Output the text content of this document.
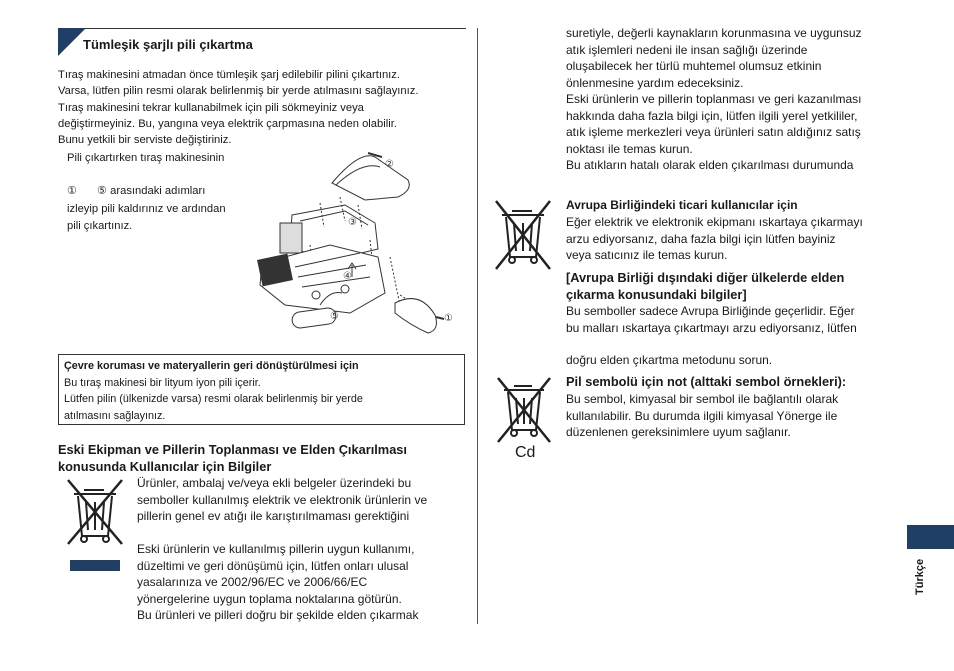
Tümleşik şarjlı pili çıkartma
Tıraş makinesini atmadan önce tümleşik şarj edilebilir pilini çıkartınız.
Varsa, lütfen pilin resmi olarak belirlenmiş bir yerde atılmasını sağlayınız.
Tıraş makinesini tekrar kullanabilmek için pili sökmeyiniz veya
değiştirmeyiniz. Bu, yangına veya elektrik çarpmasına neden olabilir.
Bunu yetkili bir serviste değiştiriniz.
Pili çıkartırken tıraş makinesinin
① ⑤ arasındaki adımları
izleyip pili kaldırınız ve ardından
pili çıkartınız.
②
③
④
⑤	①
Çevre koruması ve materyallerin geri dönüştürülmesi için
Bu tıraş makinesi bir lityum iyon pili içerir.
Lütfen pilin (ülkenizde varsa) resmi olarak belirlenmiş bir yerde
atılmasını sağlayınız.
Eski Ekipman ve Pillerin Toplanması ve Elden Çıkarılması
konusunda Kullanıcılar için Bilgiler
Ürünler, ambalaj ve/veya ekli belgeler üzerindeki bu
semboller kullanılmış elektrik ve elektronik ürünlerin ve
pillerin genel ev atığı ile karıştırılmaması gerektiğini
Eski ürünlerin ve kullanılmış pillerin uygun kullanımı,
düzeltimi ve geri dönüşümü için, lütfen onları ulusal
yasalarınıza ve 2002/96/EC ve 2006/66/EC
yönergelerine uygun toplama noktalarına götürün.
Bu ürünleri ve pilleri doğru bir şekilde elden çıkarmak
suretiyle, değerli kaynakların korunmasına ve uygunsuz
atık işlemleri nedeni ile insan sağlığı üzerinde
oluşabilecek her türlü muhtemel olumsuz etkinin
önlenmesine yardım edeceksiniz.
Eski ürünlerin ve pillerin toplanması ve geri kazanılması
hakkında daha fazla bilgi için, lütfen ilgili yerel yetkililer,
atık işleme merkezleri veya ürünleri satın aldığınız satış
noktası ile temas kurun.
Bu atıkların hatalı olarak elden çıkarılması durumunda
Avrupa Birliğindeki ticari kullanıcılar için
Eğer elektrik ve elektronik ekipmanı ıskartaya çıkarmayı
arzu ediyorsanız, daha fazla bilgi için lütfen bayiniz
veya satıcınız ile temas kurun.
[Avrupa Birliği dışındaki diğer ülkelerde elden
çıkarma konusundaki bilgiler]
Bu semboller sadece Avrupa Birliğinde geçerlidir. Eğer
bu malları ıskartaya çıkartmayı arzu ediyorsanız, lütfen
doğru elden çıkartma metodunu sorun.
Cd
Pil sembolü için not (alttaki sembol örnekleri):
Bu sembol, kimyasal bir sembol ile bağlantılı olarak
kullanılabilir. Bu durumda ilgili kimyasal Yönerge ile
düzenlenen gereksinimlere uyum sağlanır.
Türkçe
